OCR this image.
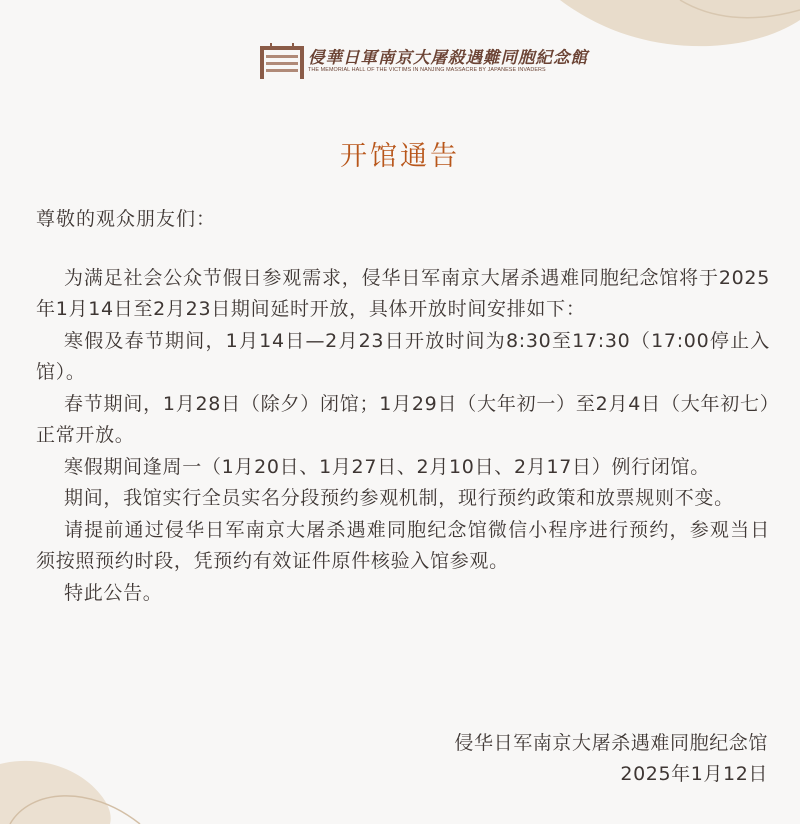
侵華日軍南京大屠殺遇難同胞紀念館
THE MEMORIAL HALL OF THE VICTIMS IN NANJING MASSACRE BY JAPANESE INVADERS
开馆通告

尊敬的观众朋友们：

为满足社会公众节假日参观需求，侵华日军南京大屠杀遇难同胞纪念馆将于2025年1月14日至2月23日期间延时开放，具体开放时间安排如下：

寒假及春节期间，1月14日—2月23日开放时间为8:30至17:30（17:00停止入馆）。

春节期间，1月28日（除夕）闭馆；1月29日（大年初一）至2月4日（大年初七）正常开放。

寒假期间逢周一（1月20日、1月27日、2月10日、2月17日）例行闭馆。

期间，我馆实行全员实名分段预约参观机制，现行预约政策和放票规则不变。

请提前通过侵华日军南京大屠杀遇难同胞纪念馆微信小程序进行预约，参观当日须按照预约时段，凭预约有效证件原件核验入馆参观。

特此公告。

侵华日军南京大屠杀遇难同胞纪念馆
2025年1月12日
